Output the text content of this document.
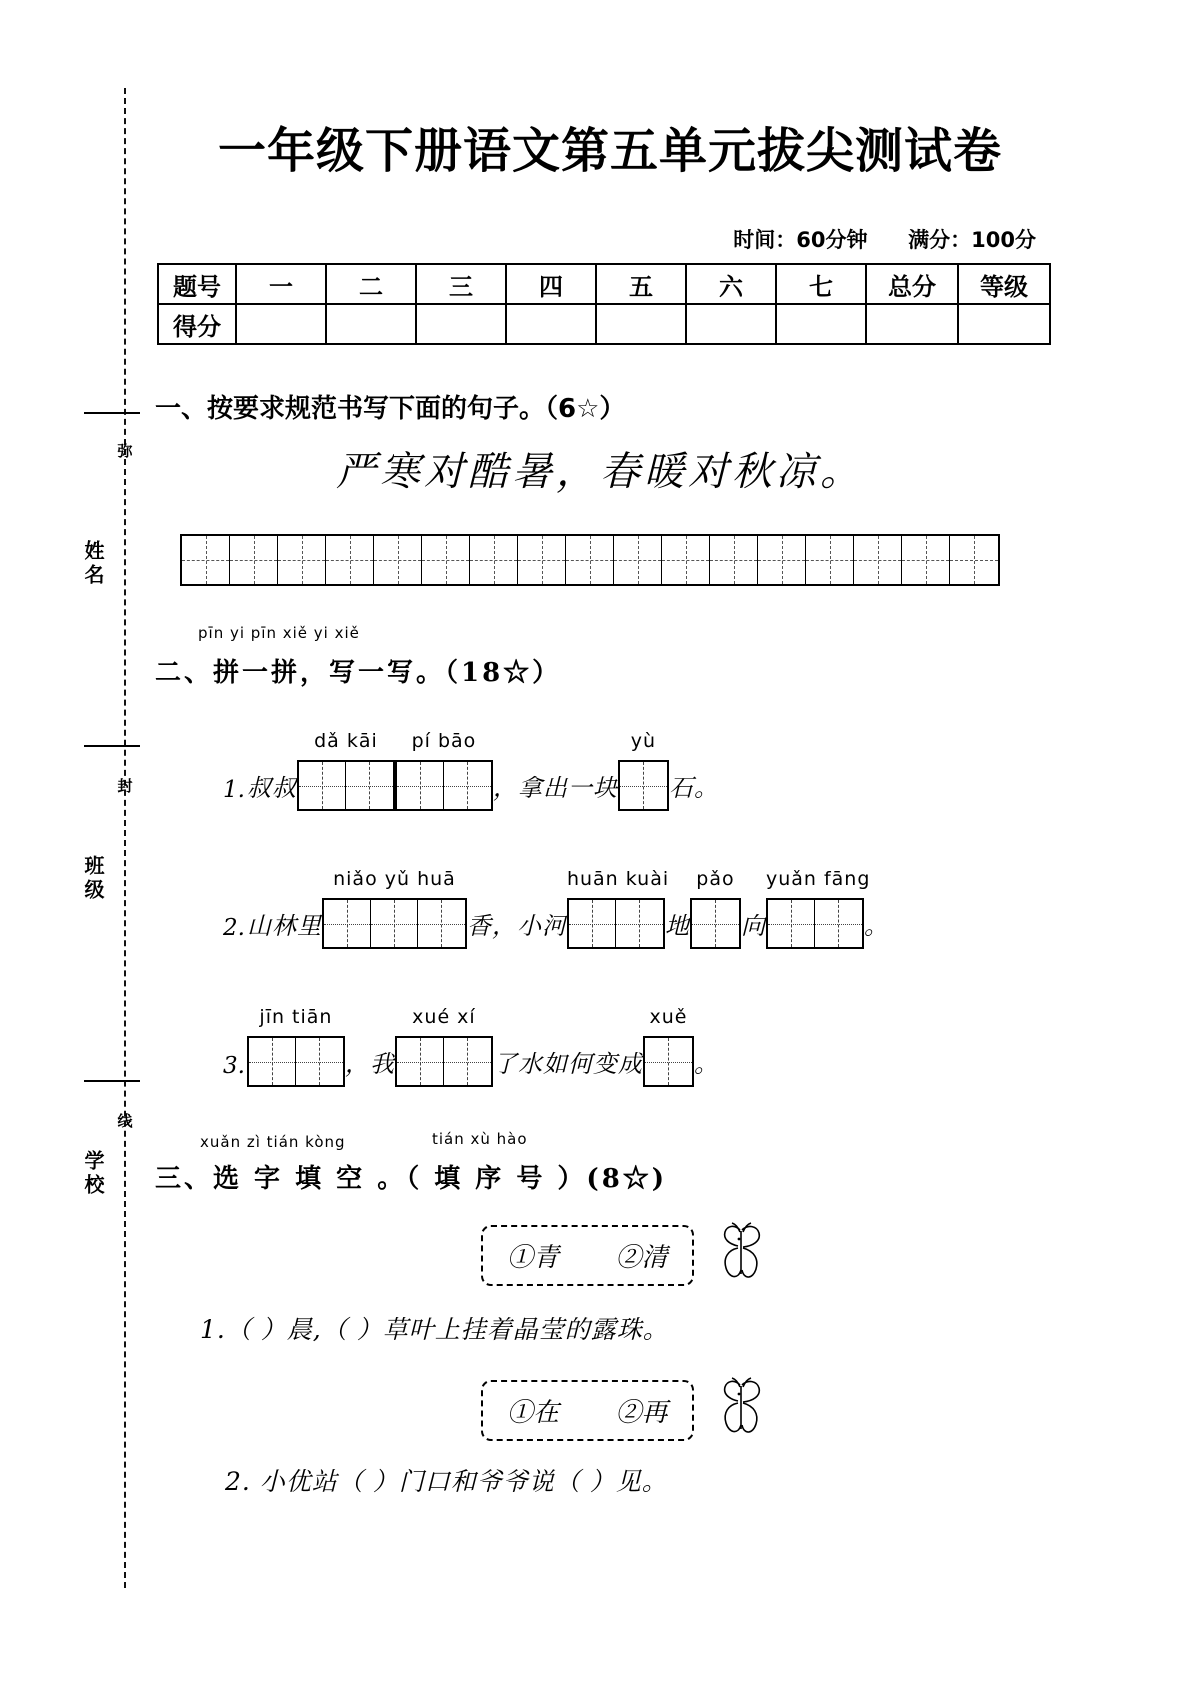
弥
封
线
姓名
班级
学校
一年级下册语文第五单元拔尖测试卷
时间：60分钟 满分：100分
题号	一	二	三	四	五	六	七	总分	等级
得分									
一、按要求规范书写下面的句子。（6☆）
严寒对酷暑，春暖对秋凉。
pīn yi pīn xiě yi xiě
二、拼一拼，写一写。（18☆）
1. 叔叔
dǎ kāi	pí bāo
，拿出一块
yù
石。
2. 山林里
niǎo yǔ huā
香，小河
huān kuài
地
pǎo
向
yuǎn fāng
。
3.
jīn tiān
，我
xué xí
了水如何变成
xuě
。
xuǎn zì tián kòng	tián xù hào
三、选 字 填 空 。（ 填 序 号 ）(8☆)
①青 ②清
1.（ ）晨,（ ）草叶上挂着晶莹的露珠。
①在 ②再
2. 小优站（ ）门口和爷爷说（ ）见。
